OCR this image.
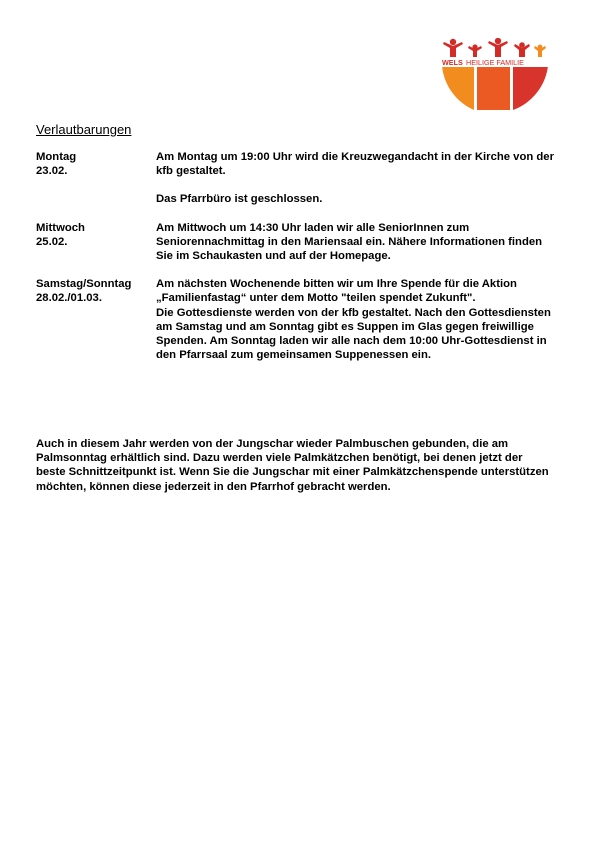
WELS HEILIGE FAMILIE
Verlautbarungen
Montag
23.02.

Am Montag um 19:00 Uhr wird die Kreuzwegandacht in der Kirche von der kfb gestaltet.

Das Pfarrbüro ist geschlossen.

Mittwoch
25.02.

Am Mittwoch um 14:30 Uhr laden wir alle SeniorInnen zum Seniorennachmittag in den Mariensaal ein. Nähere Informationen finden Sie im Schaukasten und auf der Homepage.

Samstag/Sonntag
28.02./01.03.

Am nächsten Wochenende bitten wir um Ihre Spende für die Aktion „Familienfastag“ unter dem Motto "teilen spendet Zukunft".

Die Gottesdienste werden von der kfb gestaltet. Nach den Gottesdiensten am Samstag und am Sonntag gibt es Suppen im Glas gegen freiwillige Spenden. Am Sonntag laden wir alle nach dem 10:00 Uhr-Gottesdienst in den Pfarrsaal zum gemeinsamen Suppenessen ein.

Auch in diesem Jahr werden von der Jungschar wieder Palmbuschen gebunden, die am Palmsonntag erhältlich sind. Dazu werden viele Palmkätzchen benötigt, bei denen jetzt der beste Schnittzeitpunkt ist. Wenn Sie die Jungschar mit einer Palmkätzchenspende unterstützen möchten, können diese jederzeit in den Pfarrhof gebracht werden.
